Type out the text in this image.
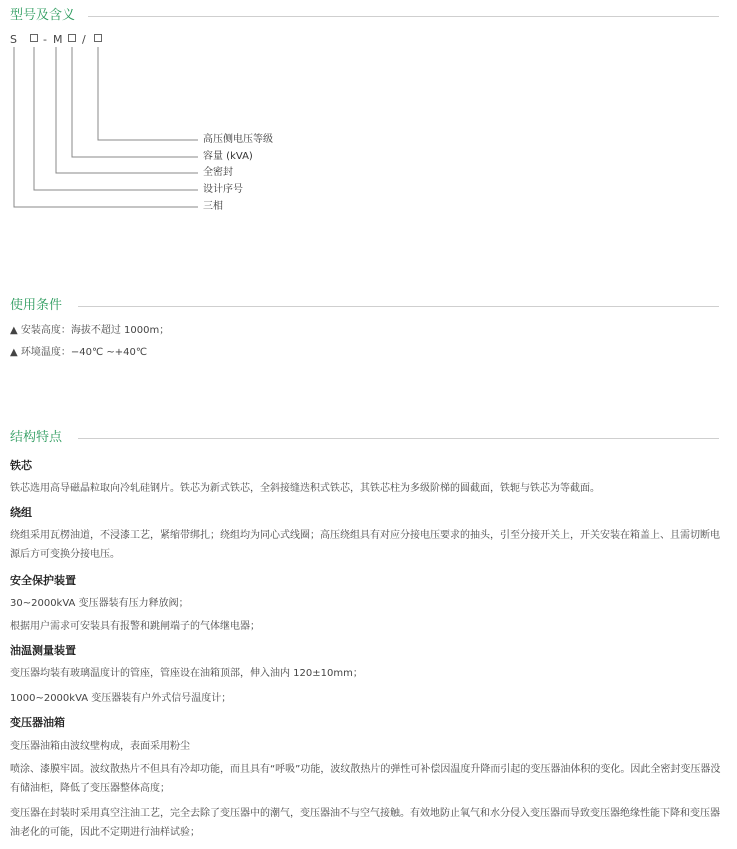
型号及含义
S - M /
高压侧电压等级
容量 (kVA)
全密封
设计序号
三相
使用条件
▲ 安装高度：海拔不超过 1000m；
▲ 环境温度：−40℃ ~+40℃
结构特点
铁芯
铁芯选用高导磁晶粒取向冷轧硅钢片。铁芯为新式铁芯，全斜接缝迭积式铁芯，其铁芯柱为多级阶梯的圆截面，铁轭与铁芯为等截面。
绕组
绕组采用瓦楞油道，不浸漆工艺，紧缩带绑扎；绕组均为同心式线圈；高压绕组具有对应分接电压要求的抽头，引至分接开关上，开关安装在箱盖上、且需切断电源后方可变换分接电压。
安全保护装置
30~2000kVA 变压器装有压力释放阀；
根据用户需求可安装具有报警和跳闸端子的气体继电器；
油温测量装置
变压器均装有玻璃温度计的管座，管座设在油箱顶部，伸入油内 120±10mm；
1000~2000kVA 变压器装有户外式信号温度计；
变压器油箱
变压器油箱由波纹壁构成，表面采用粉尘
喷涂、漆膜牢固。波纹散热片不但具有冷却功能，而且具有“呼吸”功能，波纹散热片的弹性可补偿因温度升降而引起的变压器油体积的变化。因此全密封变压器没有储油柜，降低了变压器整体高度；
变压器在封装时采用真空注油工艺，完全去除了变压器中的潮气，变压器油不与空气接触。有效地防止氧气和水分侵入变压器而导致变压器绝缘性能下降和变压器油老化的可能，因此不定期进行油样试验；
